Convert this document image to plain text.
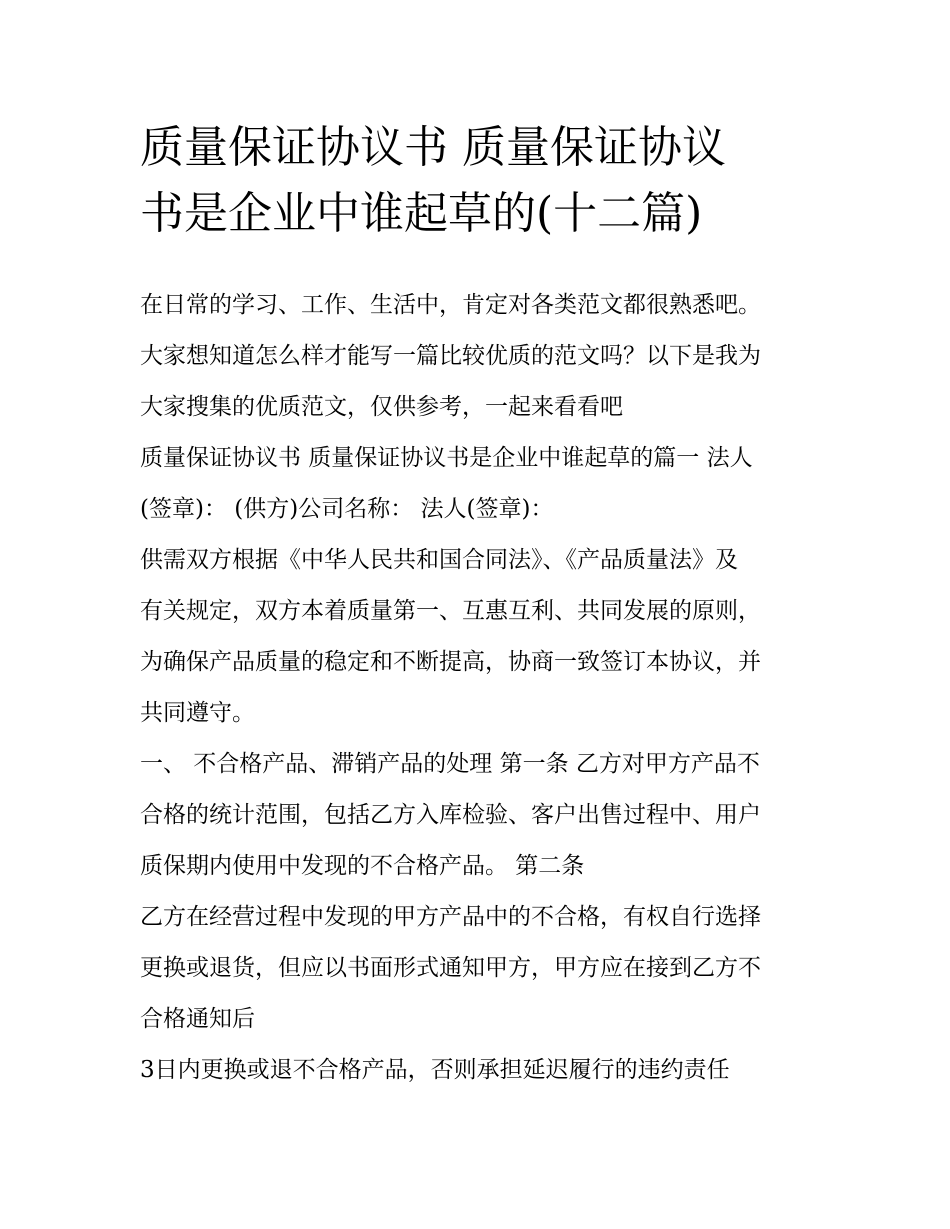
质量保证协议书 质量保证协议
书是企业中谁起草的(十二篇)
在日常的学习、工作、生活中，肯定对各类范文都很熟悉吧。
大家想知道怎么样才能写一篇比较优质的范文吗？以下是我为
大家搜集的优质范文，仅供参考，一起来看看吧
质量保证协议书 质量保证协议书是企业中谁起草的篇一 法人
(签章)： (供方)公司名称： 法人(签章)：
供需双方根据《中华人民共和国合同法》、《产品质量法》及
有关规定，双方本着质量第一、互惠互利、共同发展的原则，
为确保产品质量的稳定和不断提高，协商一致签订本协议，并
共同遵守。
一、 不合格产品、滞销产品的处理 第一条 乙方对甲方产品不
合格的统计范围，包括乙方入库检验、客户出售过程中、用户
质保期内使用中发现的不合格产品。 第二条
乙方在经营过程中发现的甲方产品中的不合格，有权自行选择
更换或退货，但应以书面形式通知甲方，甲方应在接到乙方不
合格通知后
3日内更换或退不合格产品，否则承担延迟履行的违约责任
